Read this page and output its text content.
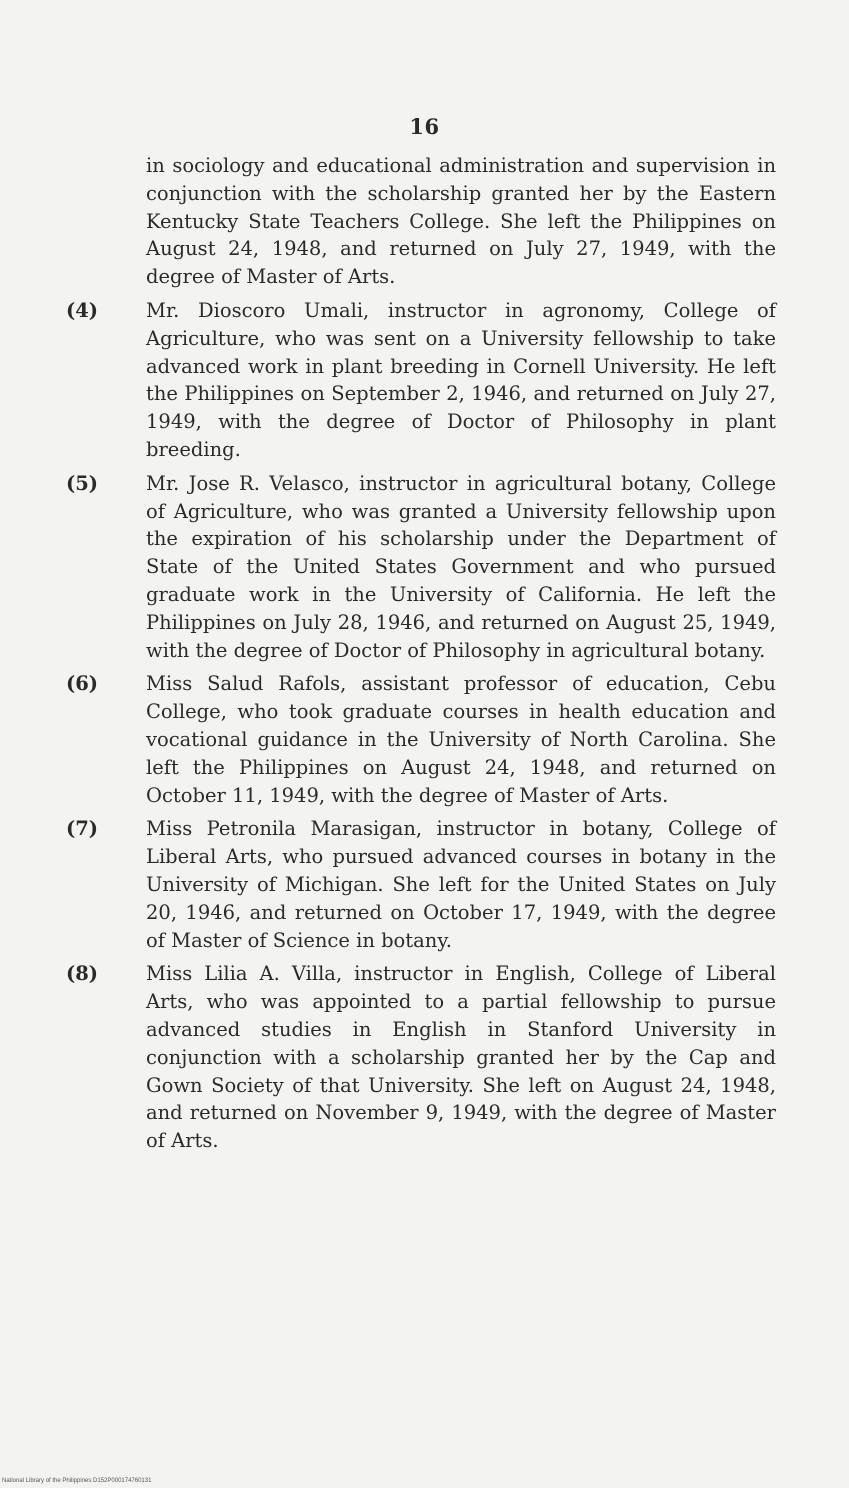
16

in sociology and educational administration and supervision in conjunction with the scholarship granted her by the Eastern Kentucky State Teachers College. She left the Philippines on August 24, 1948, and returned on July 27, 1949, with the degree of Master of Arts.

(4) Mr. Dioscoro Umali, instructor in agronomy, College of Agriculture, who was sent on a University fellowship to take advanced work in plant breeding in Cornell University. He left the Philippines on September 2, 1946, and returned on July 27, 1949, with the degree of Doctor of Philosophy in plant breeding.
(5) Mr. Jose R. Velasco, instructor in agricultural botany, College of Agriculture, who was granted a University fellowship upon the expiration of his scholarship under the Department of State of the United States Government and who pursued graduate work in the University of California. He left the Philippines on July 28, 1946, and returned on August 25, 1949, with the degree of Doctor of Philosophy in agricultural botany.
(6) Miss Salud Rafols, assistant professor of education, Cebu College, who took graduate courses in health education and vocational guidance in the University of North Carolina. She left the Philippines on August 24, 1948, and returned on October 11, 1949, with the degree of Master of Arts.
(7) Miss Petronila Marasigan, instructor in botany, College of Liberal Arts, who pursued advanced courses in botany in the University of Michigan. She left for the United States on July 20, 1946, and returned on October 17, 1949, with the degree of Master of Science in botany.
(8) Miss Lilia A. Villa, instructor in English, College of Liberal Arts, who was appointed to a partial fellowship to pursue advanced studies in English in Stanford University in conjunction with a scholarship granted her by the Cap and Gown Society of that University. She left on August 24, 1948, and returned on November 9, 1949, with the degree of Master of Arts.
National Library of the Philippines D152P000174760131
